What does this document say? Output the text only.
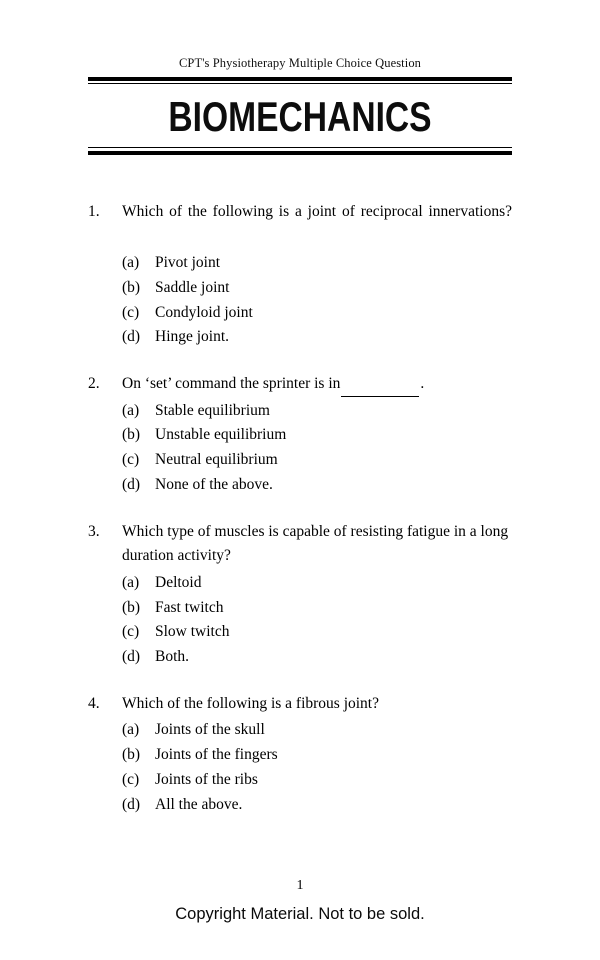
CPT's Physiotherapy Multiple Choice Question
BIOMECHANICS
1.	Which of the following is a joint of reciprocal innervations?
(a)	Pivot joint
(b) Saddle joint
(c)	Condyloid joint
(d) Hinge joint.
2.	On ‘set’ command the sprinter is in	.
(a)	Stable equilibrium
(b) Unstable equilibrium
(c)	Neutral equilibrium
(d) None of the above.
3.	Which type of muscles is capable of resisting fatigue in a long duration activity?
(a)	Deltoid
(b) Fast twitch
(c)	Slow twitch
(d) Both.
4.	Which of the following is a fibrous joint?
(a)	Joints of the skull
(b) Joints of the fingers
(c)	Joints of the ribs
(d) All the above.
1
Copyright Material. Not to be sold.
